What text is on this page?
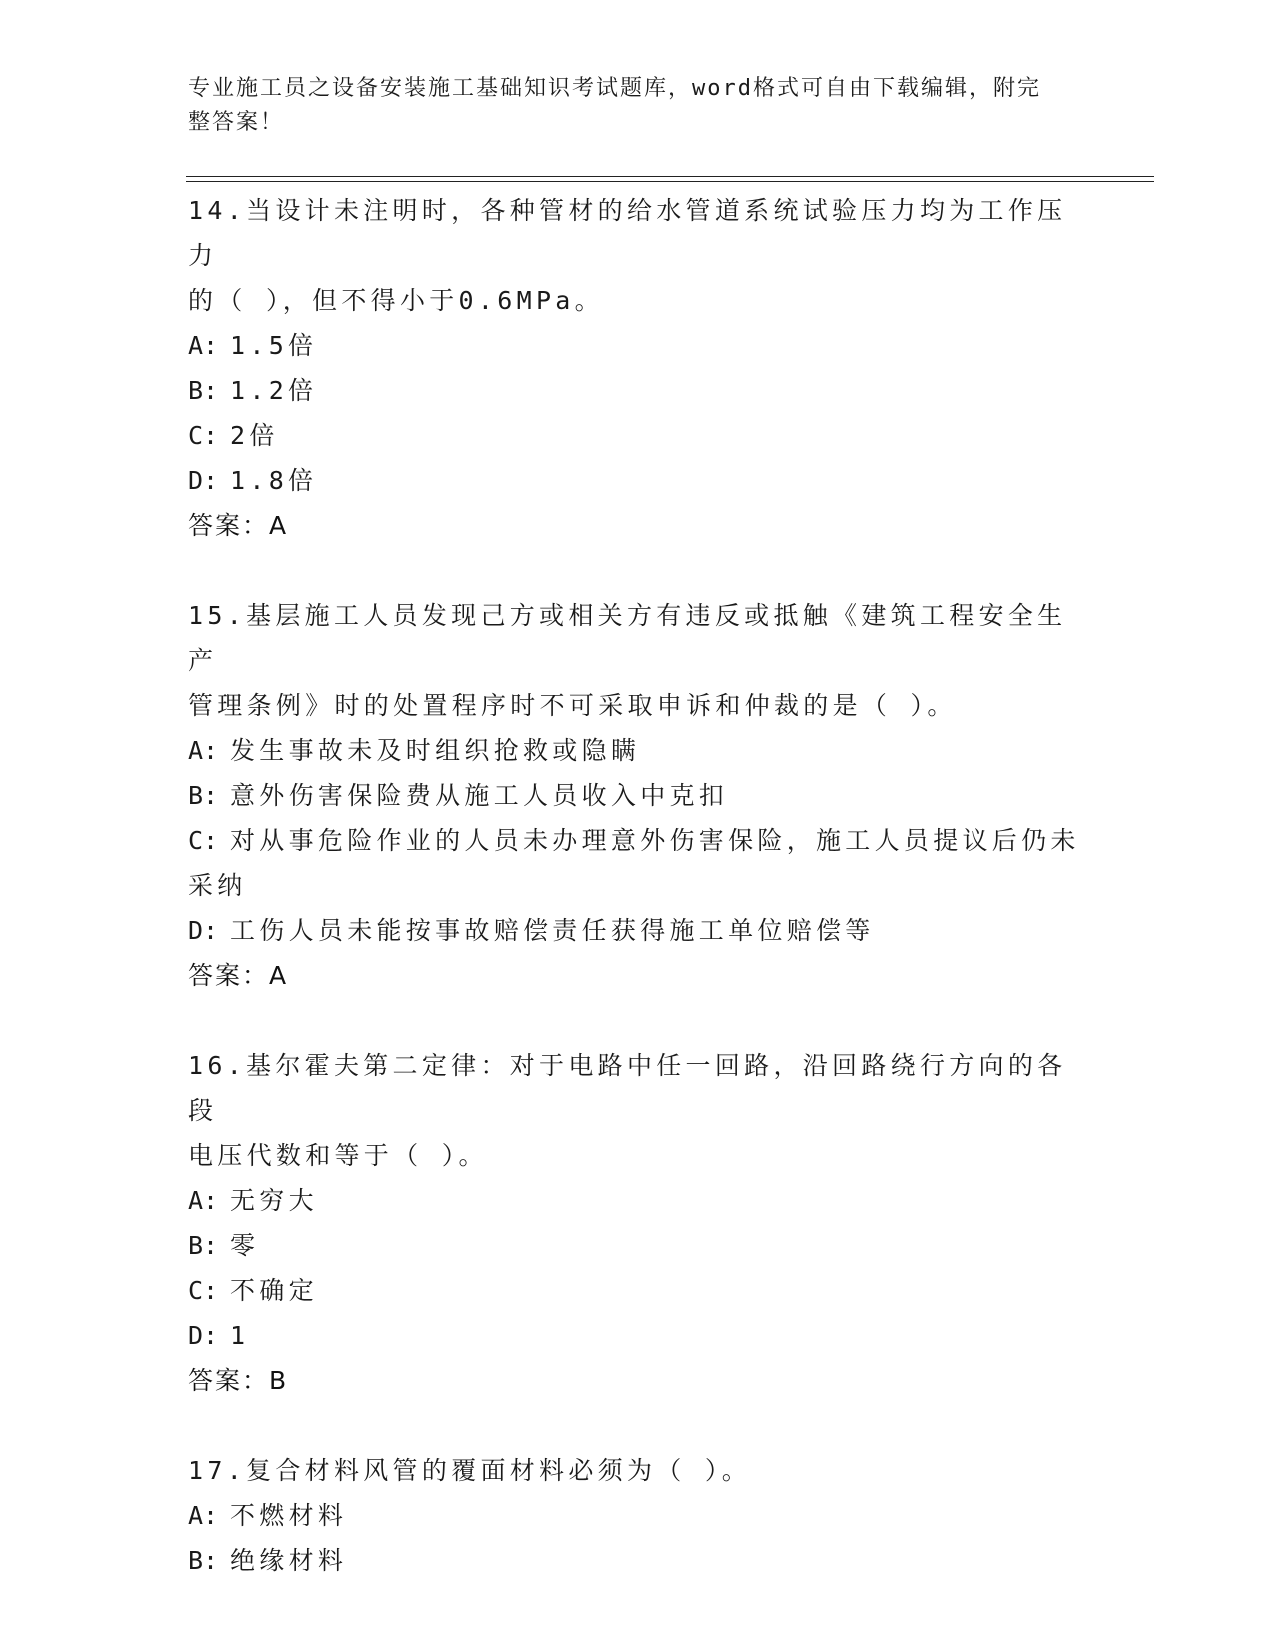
专业施工员之设备安装施工基础知识考试题库，word格式可自由下载编辑，附完
整答案！

14.当设计未注明时，各种管材的给水管道系统试验压力均为工作压力

的（ ），但不得小于0.6MPa。

A: 1.5倍

B: 1.2倍

C: 2倍

D: 1.8倍

答案：A

15.基层施工人员发现己方或相关方有违反或抵触《建筑工程安全生产

管理条例》时的处置程序时不可采取申诉和仲裁的是（ ）。

A: 发生事故未及时组织抢救或隐瞒

B: 意外伤害保险费从施工人员收入中克扣

C: 对从事危险作业的人员未办理意外伤害保险，施工人员提议后仍未

采纳

D: 工伤人员未能按事故赔偿责任获得施工单位赔偿等

答案：A

16.基尔霍夫第二定律：对于电路中任一回路，沿回路绕行方向的各段

电压代数和等于（ ）。

A: 无穷大

B: 零

C: 不确定

D: 1

答案：B

17.复合材料风管的覆面材料必须为（ ）。

A: 不燃材料

B: 绝缘材料
